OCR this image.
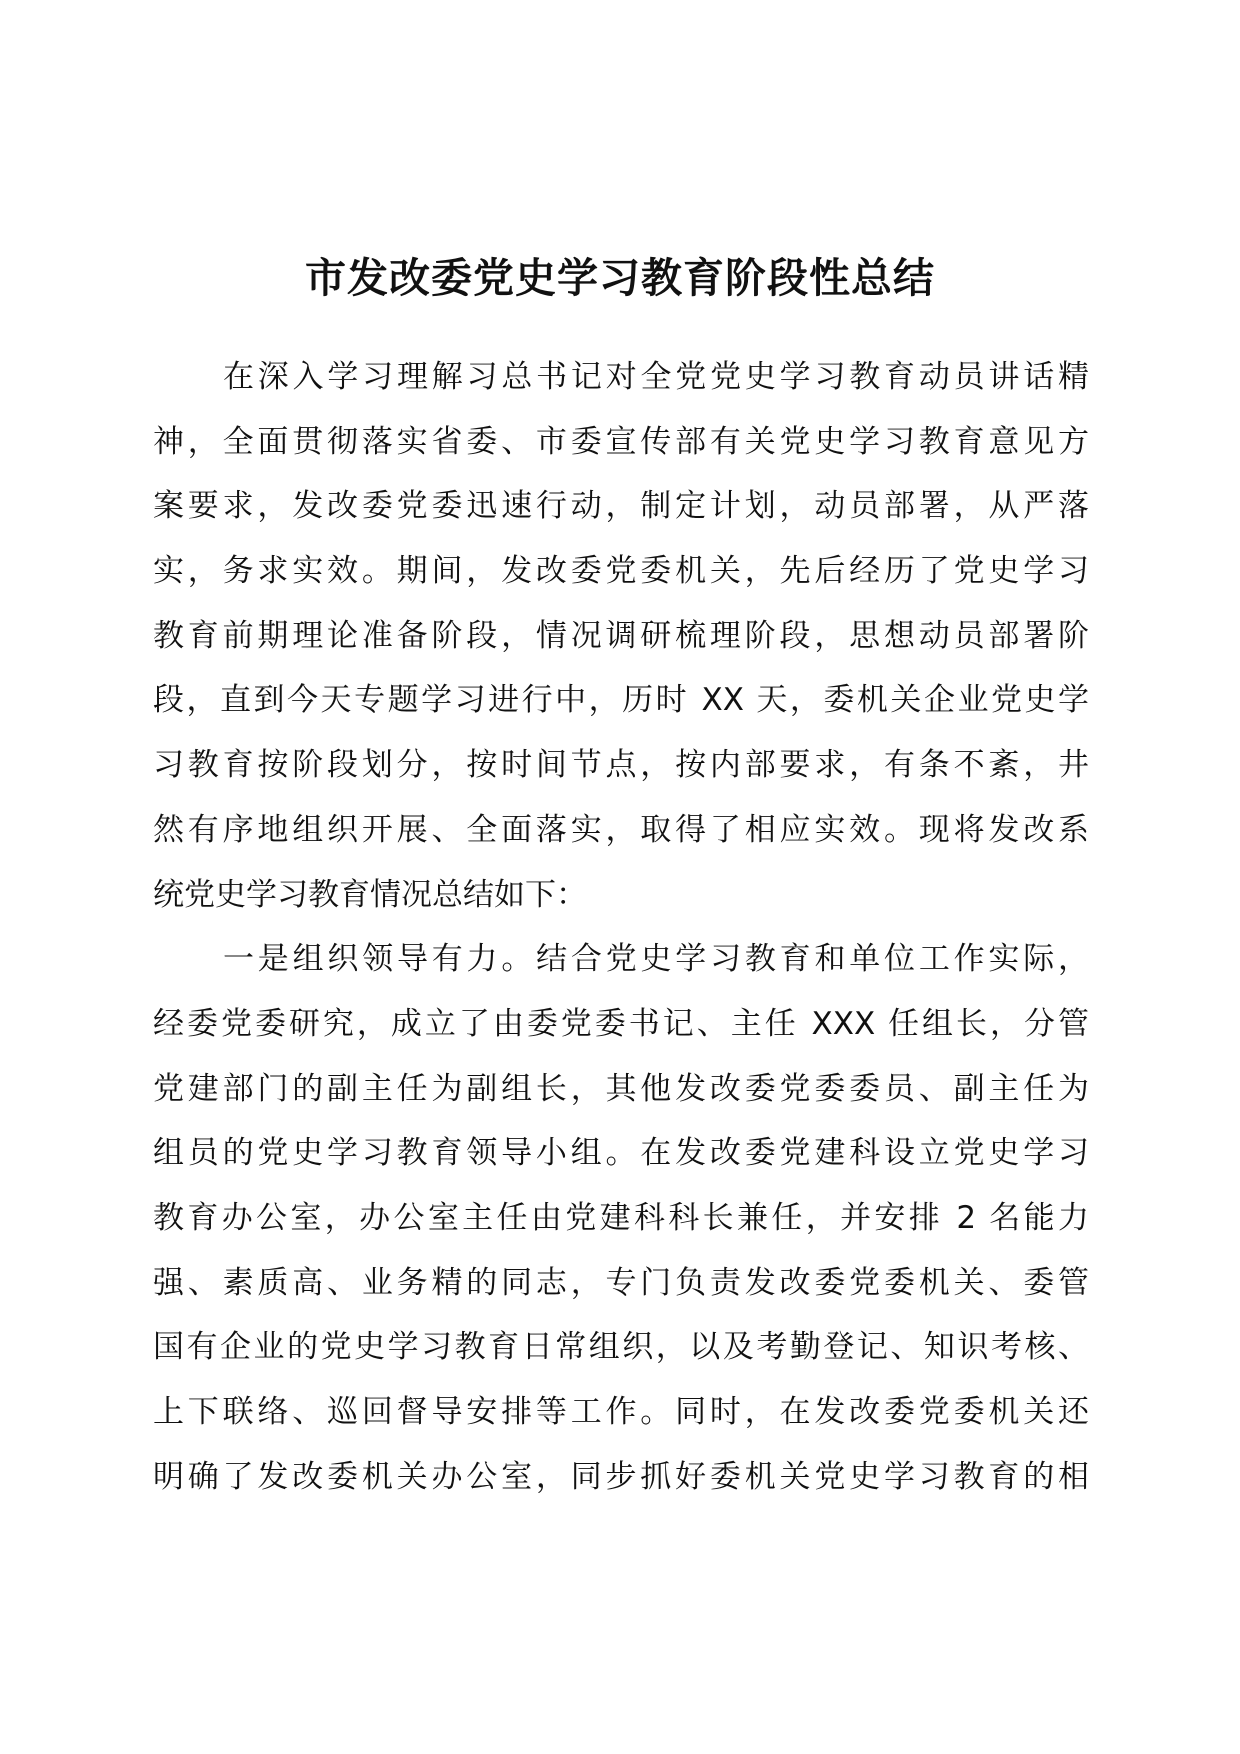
市发改委党史学习教育阶段性总结
在深入学习理解习总书记对全党党史学习教育动员讲话精
神，全面贯彻落实省委、市委宣传部有关党史学习教育意见方
案要求，发改委党委迅速行动，制定计划，动员部署，从严落
实，务求实效。期间，发改委党委机关，先后经历了党史学习
教育前期理论准备阶段，情况调研梳理阶段，思想动员部署阶
段，直到今天专题学习进行中，历时 XX 天，委机关企业党史学
习教育按阶段划分，按时间节点，按内部要求，有条不紊，井
然有序地组织开展、全面落实，取得了相应实效。现将发改系
统党史学习教育情况总结如下：
一是组织领导有力。结合党史学习教育和单位工作实际，
经委党委研究，成立了由委党委书记、主任 XXX 任组长，分管
党建部门的副主任为副组长，其他发改委党委委员、副主任为
组员的党史学习教育领导小组。在发改委党建科设立党史学习
教育办公室，办公室主任由党建科科长兼任，并安排 2 名能力
强、素质高、业务精的同志，专门负责发改委党委机关、委管
国有企业的党史学习教育日常组织，以及考勤登记、知识考核、
上下联络、巡回督导安排等工作。同时，在发改委党委机关还
明确了发改委机关办公室，同步抓好委机关党史学习教育的相
